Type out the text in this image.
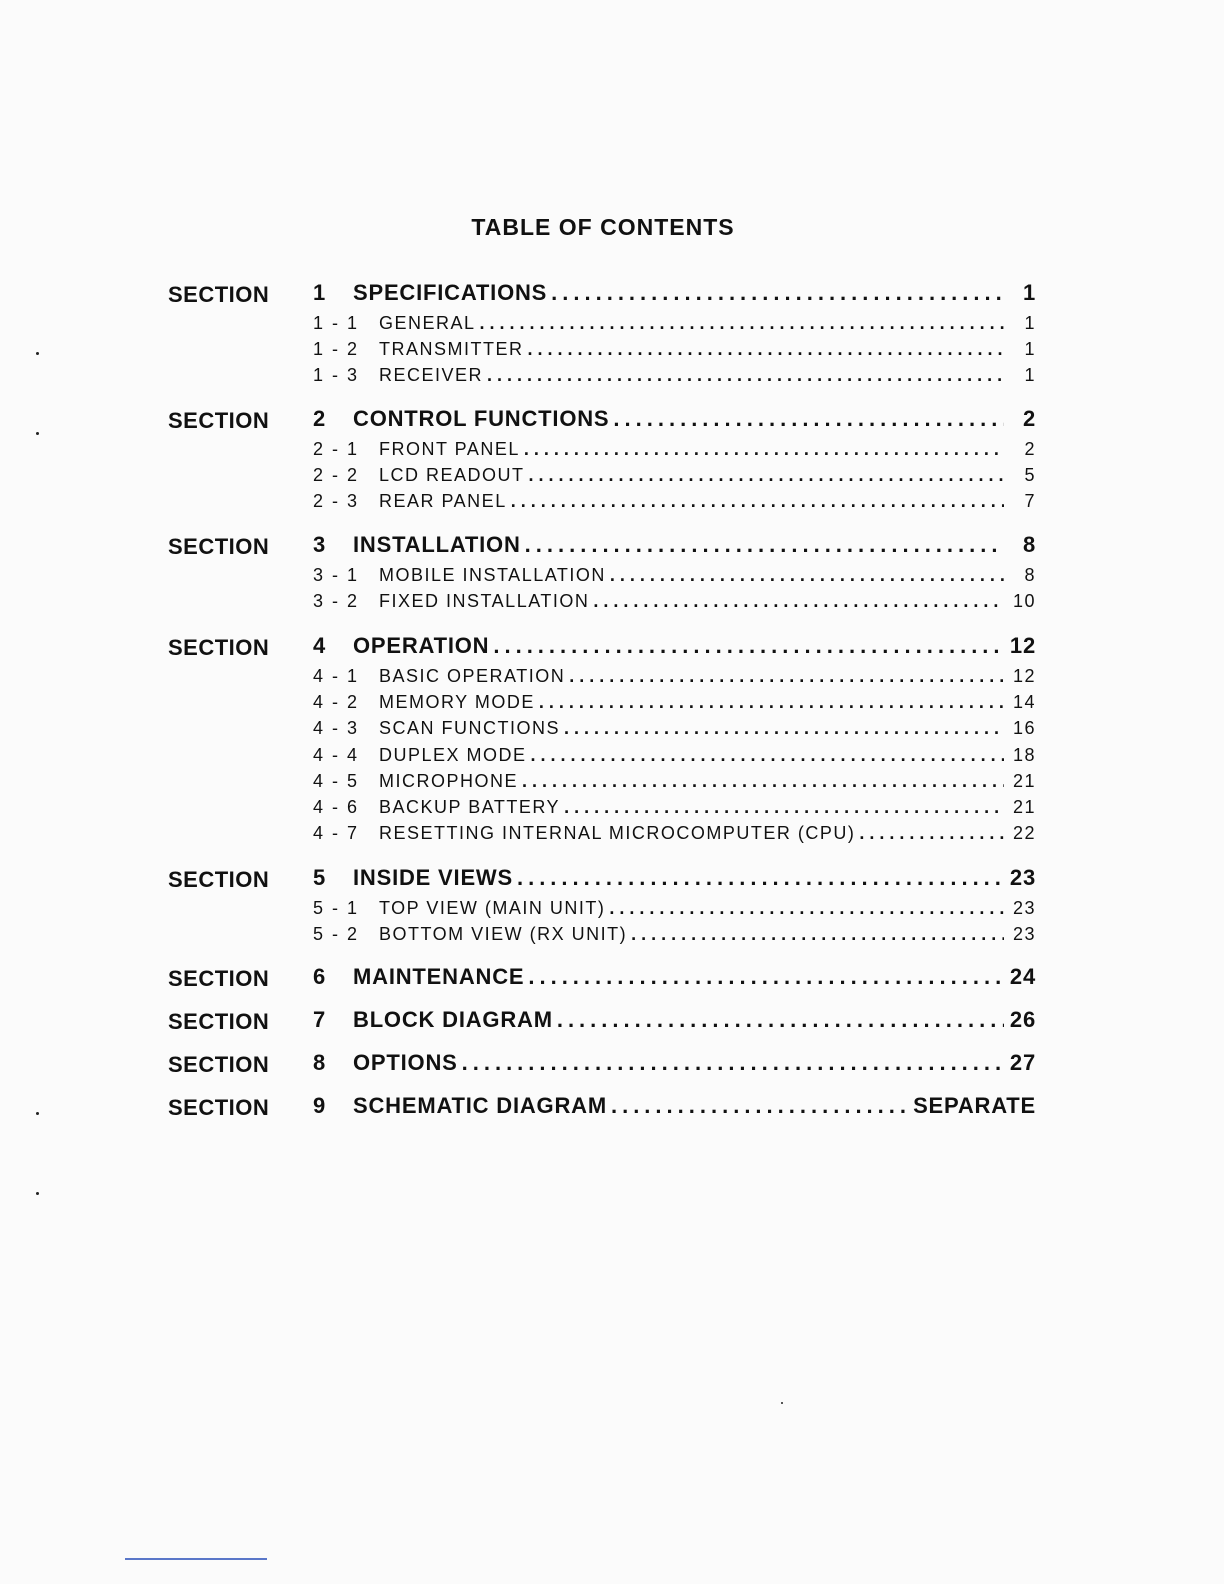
TABLE OF CONTENTS
SECTION 1	SPECIFICATIONS .....	1
1 - 1	GENERAL .....	1
1 - 2	TRANSMITTER .....	1
1 - 3	RECEIVER .....	1
SECTION 2	CONTROL FUNCTIONS .....	2
2 - 1	FRONT PANEL .....	2
2 - 2	LCD READOUT .....	5
2 - 3	REAR PANEL .....	7
SECTION 3	INSTALLATION .....	8
3 - 1	MOBILE INSTALLATION .....	8
3 - 2	FIXED INSTALLATION .....	10
SECTION 4	OPERATION .....	12
4 - 1	BASIC OPERATION .....	12
4 - 2	MEMORY MODE .....	14
4 - 3	SCAN FUNCTIONS .....	16
4 - 4	DUPLEX MODE .....	18
4 - 5	MICROPHONE .....	21
4 - 6	BACKUP BATTERY .....	21
4 - 7	RESETTING INTERNAL MICROCOMPUTER (CPU) .....	22
SECTION 5	INSIDE VIEWS .....	23
5 - 1	TOP VIEW (MAIN UNIT) .....	23
5 - 2	BOTTOM VIEW (RX UNIT) .....	23
SECTION 6	MAINTENANCE .....	24
SECTION 7	BLOCK DIAGRAM .....	26
SECTION 8	OPTIONS .....	27
SECTION 9	SCHEMATIC DIAGRAM .....	SEPARATE
